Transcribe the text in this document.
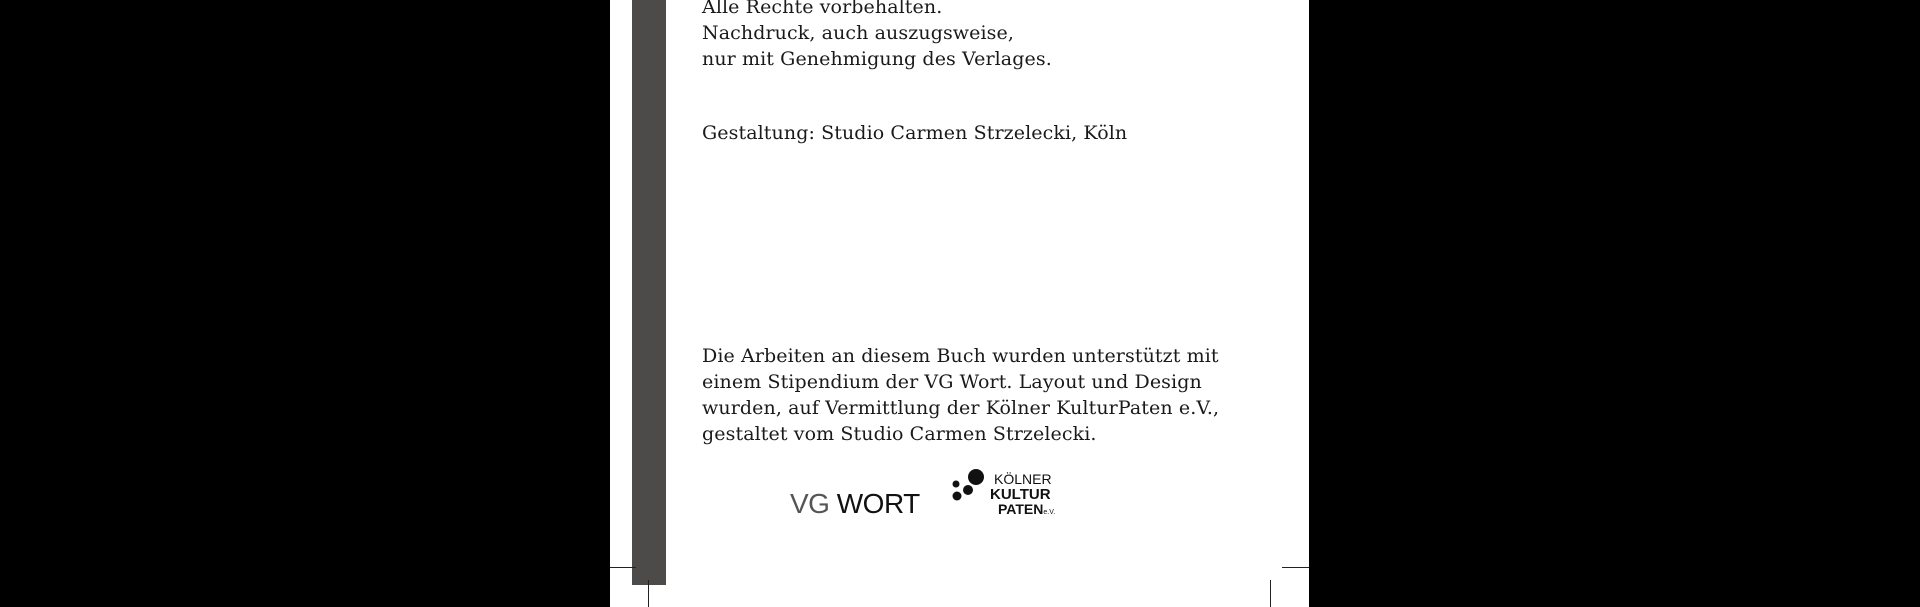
Alle Rechte vorbehalten.
Nachdruck, auch auszugsweise,
nur mit Genehmigung des Verlages.
Gestaltung: Studio Carmen Strzelecki, Köln
Die Arbeiten an diesem Buch wurden unterstützt mit
einem Stipendium der VG Wort. Layout und Design
wurden, auf Vermittlung der Kölner KulturPaten e.V.,
gestaltet vom Studio Carmen Strzelecki.
VG WORT
KÖLNER
KULTUR
PATENe.V.
